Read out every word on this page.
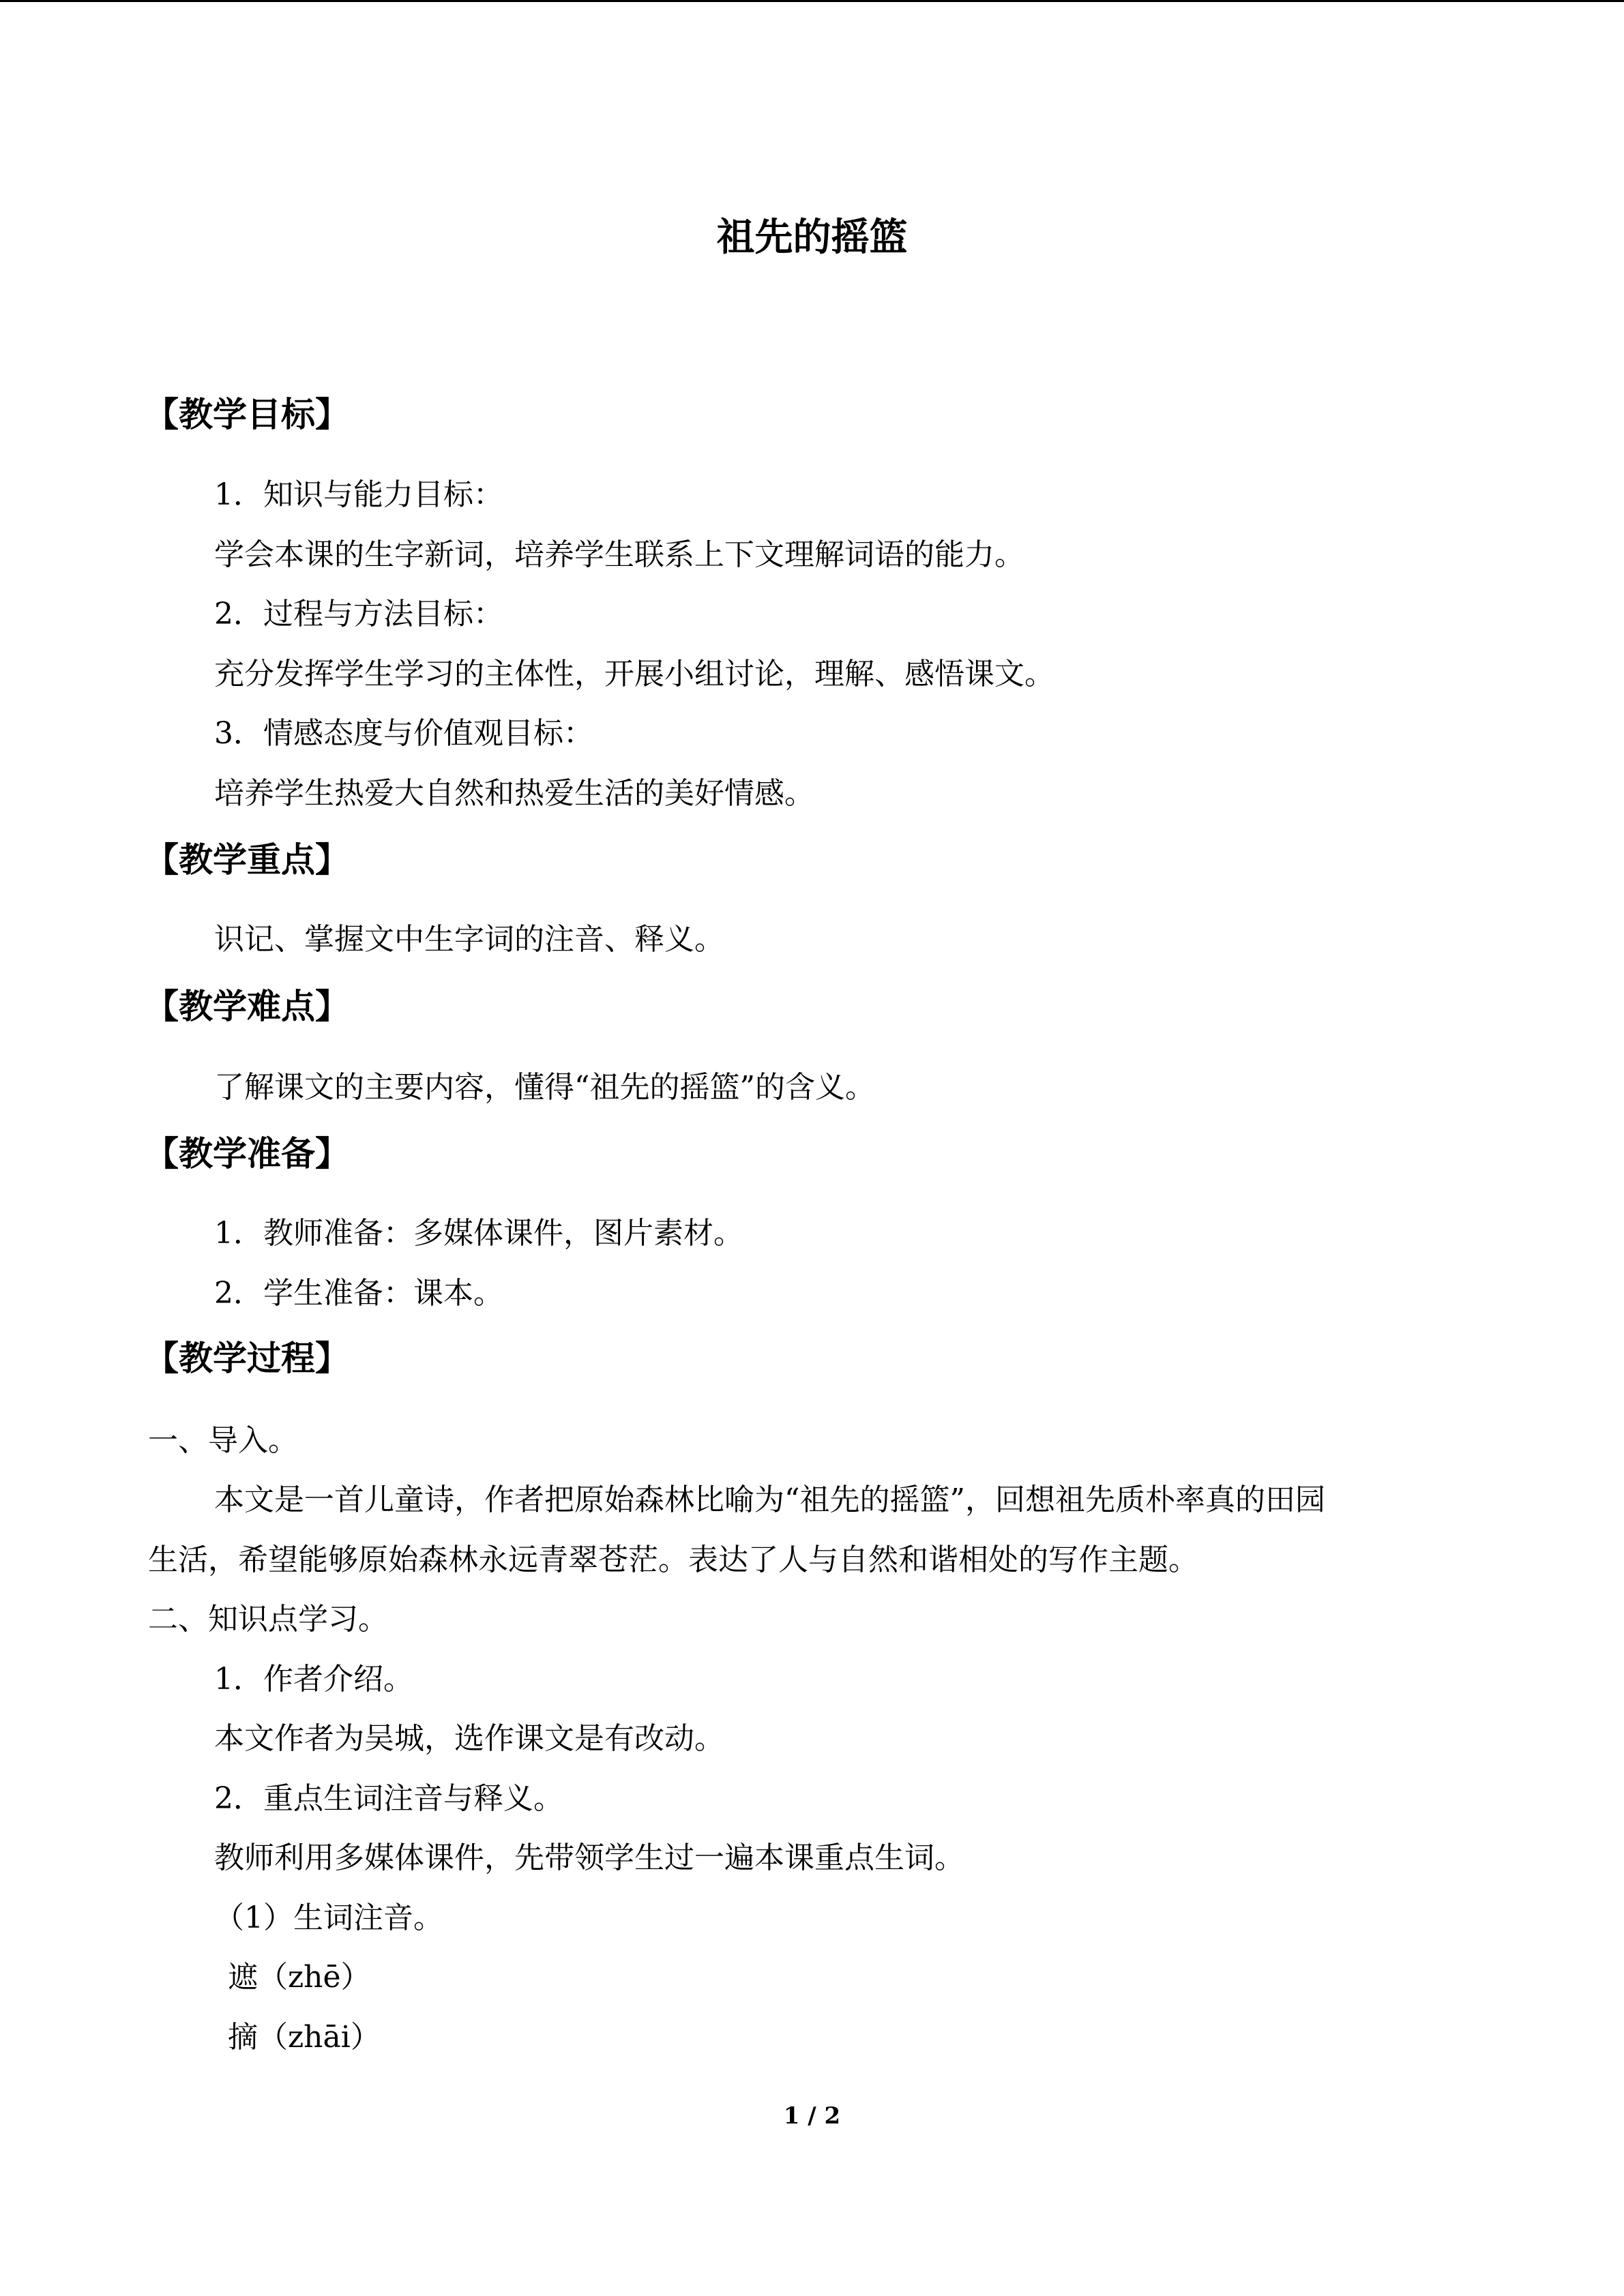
祖先的摇篮
【教学目标】
1．知识与能力目标：
学会本课的生字新词，培养学生联系上下文理解词语的能力。
2．过程与方法目标：
充分发挥学生学习的主体性，开展小组讨论，理解、感悟课文。
3．情感态度与价值观目标：
培养学生热爱大自然和热爱生活的美好情感。
【教学重点】
识记、掌握文中生字词的注音、释义。
【教学难点】
了解课文的主要内容，懂得“祖先的摇篮”的含义。
【教学准备】
1．教师准备：多媒体课件，图片素材。
2．学生准备：课本。
【教学过程】
一、导入。
本文是一首儿童诗，作者把原始森林比喻为“祖先的摇篮”，回想祖先质朴率真的田园
生活，希望能够原始森林永远青翠苍茫。表达了人与自然和谐相处的写作主题。
二、知识点学习。
1．作者介绍。
本文作者为吴城，选作课文是有改动。
2．重点生词注音与释义。
教师利用多媒体课件，先带领学生过一遍本课重点生词。
（1）生词注音。
遮（zhē）
摘（zhāi）
1 / 2
